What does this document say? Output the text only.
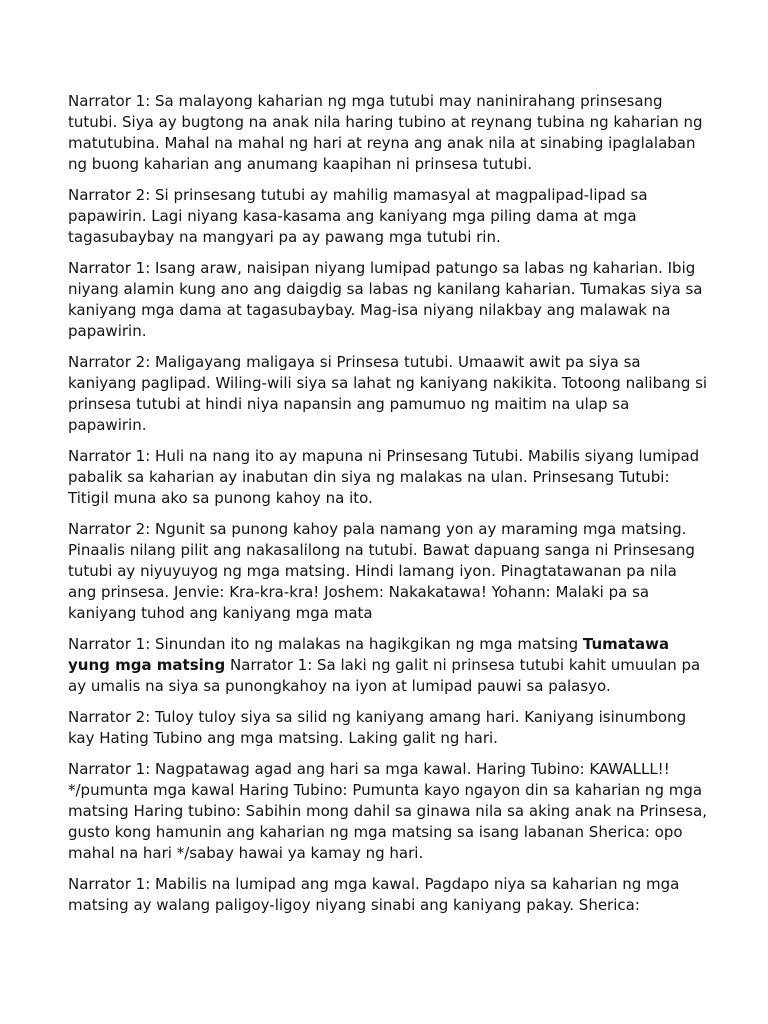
Narrator 1: Sa malayong kaharian ng mga tutubi may naninirahang prinsesang tutubi. Siya ay bugtong na anak nila haring tubino at reynang tubina ng kaharian ng matutubina. Mahal na mahal ng hari at reyna ang anak nila at sinabing ipaglalaban ng buong kaharian ang anumang kaapihan ni prinsesa tutubi.

Narrator 2: Si prinsesang tutubi ay mahilig mamasyal at magpalipad-lipad sa papawirin. Lagi niyang kasa-kasama ang kaniyang mga piling dama at mga tagasubaybay na mangyari pa ay pawang mga tutubi rin.

Narrator 1: Isang araw, naisipan niyang lumipad patungo sa labas ng kaharian. Ibig niyang alamin kung ano ang daigdig sa labas ng kanilang kaharian. Tumakas siya sa kaniyang mga dama at tagasubaybay. Mag-isa niyang nilakbay ang malawak na papawirin.

Narrator 2: Maligayang maligaya si Prinsesa tutubi. Umaawit awit pa siya sa kaniyang paglipad. Wiling-wili siya sa lahat ng kaniyang nakikita. Totoong nalibang si prinsesa tutubi at hindi niya napansin ang pamumuo ng maitim na ulap sa papawirin.

Narrator 1: Huli na nang ito ay mapuna ni Prinsesang Tutubi. Mabilis siyang lumipad pabalik sa kaharian ay inabutan din siya ng malakas na ulan. Prinsesang Tutubi: Titigil muna ako sa punong kahoy na ito.

Narrator 2: Ngunit sa punong kahoy pala namang yon ay maraming mga matsing. Pinaalis nilang pilit ang nakasalilong na tutubi. Bawat dapuang sanga ni Prinsesang tutubi ay niyuyuyog ng mga matsing. Hindi lamang iyon. Pinagtatawanan pa nila ang prinsesa. Jenvie: Kra-kra-kra! Joshem: Nakakatawa! Yohann: Malaki pa sa kaniyang tuhod ang kaniyang mga mata

Narrator 1: Sinundan ito ng malakas na hagikgikan ng mga matsing Tumatawa yung mga matsing Narrator 1: Sa laki ng galit ni prinsesa tutubi kahit umuulan pa ay umalis na siya sa punongkahoy na iyon at lumipad pauwi sa palasyo.

Narrator 2: Tuloy tuloy siya sa silid ng kaniyang amang hari. Kaniyang isinumbong kay Hating Tubino ang mga matsing. Laking galit ng hari.

Narrator 1: Nagpatawag agad ang hari sa mga kawal. Haring Tubino: KAWALLL!! */pumunta mga kawal Haring Tubino: Pumunta kayo ngayon din sa kaharian ng mga matsing Haring tubino: Sabihin mong dahil sa ginawa nila sa aking anak na Prinsesa, gusto kong hamunin ang kaharian ng mga matsing sa isang labanan Sherica: opo mahal na hari */sabay hawai ya kamay ng hari.

Narrator 1: Mabilis na lumipad ang mga kawal. Pagdapo niya sa kaharian ng mga matsing ay walang paligoy-ligoy niyang sinabi ang kaniyang pakay. Sherica:
